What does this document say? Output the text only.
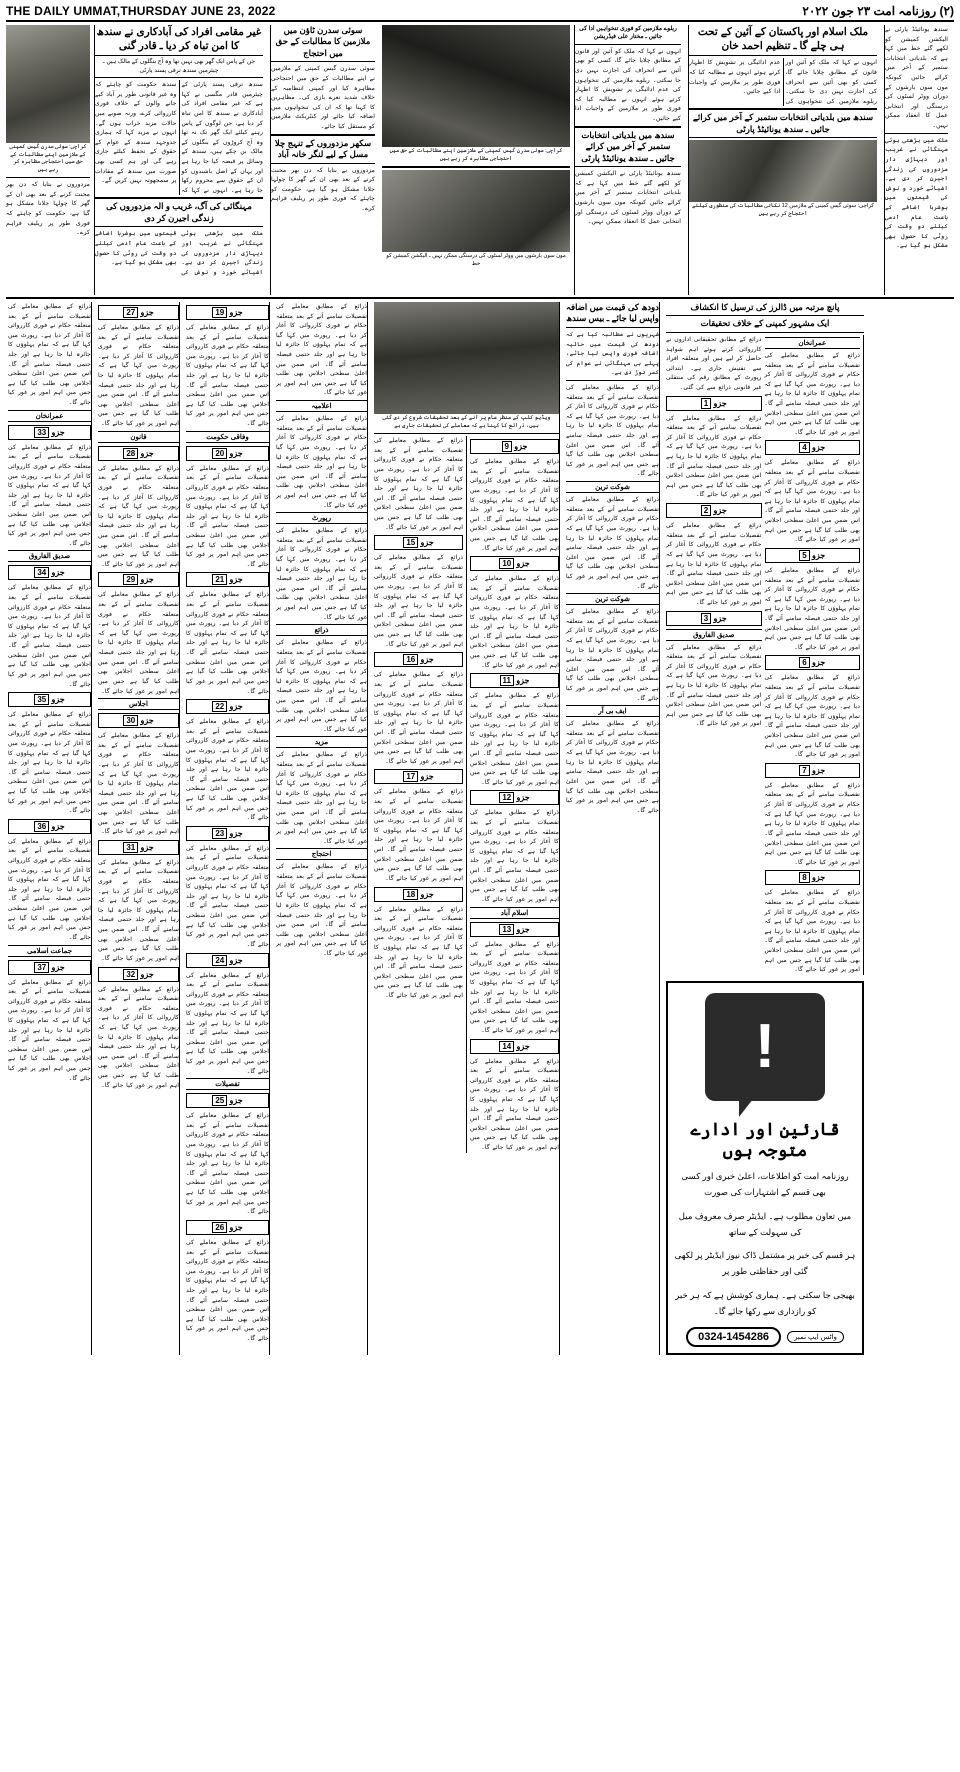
THE DAILY UMMAT,THURSDAY JUNE 23, 2022	(۲) روزنامہ امت ۲۳ جون ۲۰۲۲
کراچی: سوئی سدرن گیس کمپنی کے ملازمین اپنے مطالبات کے حق میں احتجاجی مظاہرہ کر رہے ہیں
مزدوروں نے بتایا کہ دن بھر محنت کرنے کے بعد بھی ان کے گھر کا چولہا جلانا مشکل ہو گیا ہے، حکومت کو چاہئے کہ فوری طور پر ریلیف فراہم کرے۔
غیر مقامی افراد کی آبادکاری نے سندھ کا امن تباہ کر دیا ـ قادر گنی
جن کے پاس ایک گھر بھی نہیں تھا وہ آج بنگلوں کے مالک ہیں ـ چیئرمین سندھ ترقی پسند پارٹی
سندھ ترقی پسند پارٹی کے چیئرمین قادر مگسی نے کہا ہے کہ غیر مقامی افراد کی آبادکاری نے سندھ کا امن تباہ کر دیا ہے، جن لوگوں کے پاس رہنے کیلئے ایک گھر تک نہ تھا وہ آج کروڑوں کے بنگلوں کے مالک بن چکے ہیں، سندھ کے وسائل پر قبضہ کیا جا رہا ہے اور یہاں کے اصل باشندوں کو ان کے حقوق سے محروم رکھا جا رہا ہے۔ انہوں نے کہا کہ سندھ حکومت کو چاہئے کہ وہ غیر قانونی طور پر آباد کیے جانے والوں کے خلاف فوری کارروائی کرے، ورنہ صوبے میں حالات مزید خراب ہوں گے۔ انہوں نے مزید کہا کہ ہماری جدوجہد سندھ کے عوام کے حقوق کے تحفظ کیلئے جاری رہے گی اور ہم کسی بھی صورت میں سندھ کے مفادات پر سمجھوتہ نہیں کریں گے۔
مہنگائی کی آگ، غریب و الہ مزدوروں کی زندگی اجیرن کر دی
ملک میں بڑھتی ہوئی مہنگائی نے غریب اور دیہاڑی دار مزدوروں کی زندگی اجیرن کر دی ہے۔ اشیائے خورد و نوش کی قیمتوں میں ہوشربا اضافے کے باعث عام آدمی کیلئے دو وقت کی روٹی کا حصول بھی مشکل ہو گیا ہے۔
سوئی سدرن ٹاؤن میں ملازمین کا مطالبات کے حق میں احتجاج
سوئی سدرن گیس کمپنی کے ملازمین نے اپنے مطالبات کے حق میں احتجاجی مظاہرہ کیا اور کمپنی انتظامیہ کے خلاف شدید نعرے بازی کی۔ مظاہرین کا کہنا تھا کہ ان کی تنخواہوں میں اضافہ کیا جائے اور کنٹریکٹ ملازمین کو مستقل کیا جائے۔
سکھر مزدوروں کے تنہج چلا مسل کے لیے لنگر خانہ آباد
مزدوروں نے بتایا کہ دن بھر محنت کرنے کے بعد بھی ان کے گھر کا چولہا جلانا مشکل ہو گیا ہے، حکومت کو چاہئے کہ فوری طور پر ریلیف فراہم کرے۔
کراچی: سوئی سدرن گیس کمپنی کے ملازمین اپنے مطالبات کے حق میں احتجاجی مظاہرہ کر رہے ہیں
مون سون بارشوں میں ووٹر لسٹوں کی درستگی ممکن نہیں ـ الیکشن کمیشن کو خط
ریلوے ملازمین کو فوری تنخواہیں ادا کی جائیں ـ مختار علی فیڈریشن
انہوں نے کہا کہ ملک کو آئین اور قانون کے مطابق چلایا جائے گا، کسی کو بھی آئین سے انحراف کی اجازت نہیں دی جا سکتی۔ ریلوے ملازمین کی تنخواہوں کی عدم ادائیگی پر تشویش کا اظہار کرتے ہوئے انہوں نے مطالبہ کیا کہ فوری طور پر ملازمین کے واجبات ادا کیے جائیں۔
سندھ میں بلدیاتی انتخابات ستمبر کے آخر میں کرائے جائیں ـ سندھ یونائیٹڈ پارٹی
سندھ یونائیٹڈ پارٹی نے الیکشن کمیشن کو لکھے گئے خط میں کہا ہے کہ بلدیاتی انتخابات ستمبر کے آخر میں کرائے جائیں کیونکہ مون سون بارشوں کے دوران ووٹر لسٹوں کی درستگی اور انتخابی عمل کا انعقاد ممکن نہیں۔
ملک اسلام اور پاکستان کے آئین کے تحت ہی چلے گا ـ تنظیم احمد خان
انہوں نے کہا کہ ملک کو آئین اور قانون کے مطابق چلایا جائے گا، کسی کو بھی آئین سے انحراف کی اجازت نہیں دی جا سکتی۔ ریلوے ملازمین کی تنخواہوں کی عدم ادائیگی پر تشویش کا اظہار کرتے ہوئے انہوں نے مطالبہ کیا کہ فوری طور پر ملازمین کے واجبات ادا کیے جائیں۔
سندھ میں بلدیاتی انتخابات ستمبر کے آخر میں کرائے جائیں ـ سندھ یونائیٹڈ پارٹی
کراچی: سوئی گیس کمپنی کے ملازمین 12 نکاتی مطالبات کی منظوری کیلئے احتجاج کر رہے ہیں
سندھ یونائیٹڈ پارٹی نے الیکشن کمیشن کو لکھے گئے خط میں کہا ہے کہ بلدیاتی انتخابات ستمبر کے آخر میں کرائے جائیں کیونکہ مون سون بارشوں کے دوران ووٹر لسٹوں کی درستگی اور انتخابی عمل کا انعقاد ممکن نہیں۔
ملک میں بڑھتی ہوئی مہنگائی نے غریب اور دیہاڑی دار مزدوروں کی زندگی اجیرن کر دی ہے۔ اشیائے خورد و نوش کی قیمتوں میں ہوشربا اضافے کے باعث عام آدمی کیلئے دو وقت کی روٹی کا حصول بھی مشکل ہو گیا ہے۔
ذرائع کے مطابق معاملے کی تفصیلات سامنے آنے کے بعد متعلقہ حکام نے فوری کارروائی کا آغاز کر دیا ہے۔ رپورٹ میں کہا گیا ہے کہ تمام پہلوؤں کا جائزہ لیا جا رہا ہے اور جلد حتمی فیصلہ سامنے آئے گا۔ اس ضمن میں اعلیٰ سطحی اجلاس بھی طلب کیا گیا ہے جس میں اہم امور پر غور کیا جائے گا۔
عمرانخان
جزو 33
ذرائع کے مطابق معاملے کی تفصیلات سامنے آنے کے بعد متعلقہ حکام نے فوری کارروائی کا آغاز کر دیا ہے۔ رپورٹ میں کہا گیا ہے کہ تمام پہلوؤں کا جائزہ لیا جا رہا ہے اور جلد حتمی فیصلہ سامنے آئے گا۔ اس ضمن میں اعلیٰ سطحی اجلاس بھی طلب کیا گیا ہے جس میں اہم امور پر غور کیا جائے گا۔
صدیق الفاروق
جزو 34
ذرائع کے مطابق معاملے کی تفصیلات سامنے آنے کے بعد متعلقہ حکام نے فوری کارروائی کا آغاز کر دیا ہے۔ رپورٹ میں کہا گیا ہے کہ تمام پہلوؤں کا جائزہ لیا جا رہا ہے اور جلد حتمی فیصلہ سامنے آئے گا۔ اس ضمن میں اعلیٰ سطحی اجلاس بھی طلب کیا گیا ہے جس میں اہم امور پر غور کیا جائے گا۔
جزو 35
ذرائع کے مطابق معاملے کی تفصیلات سامنے آنے کے بعد متعلقہ حکام نے فوری کارروائی کا آغاز کر دیا ہے۔ رپورٹ میں کہا گیا ہے کہ تمام پہلوؤں کا جائزہ لیا جا رہا ہے اور جلد حتمی فیصلہ سامنے آئے گا۔ اس ضمن میں اعلیٰ سطحی اجلاس بھی طلب کیا گیا ہے جس میں اہم امور پر غور کیا جائے گا۔
جزو 36
ذرائع کے مطابق معاملے کی تفصیلات سامنے آنے کے بعد متعلقہ حکام نے فوری کارروائی کا آغاز کر دیا ہے۔ رپورٹ میں کہا گیا ہے کہ تمام پہلوؤں کا جائزہ لیا جا رہا ہے اور جلد حتمی فیصلہ سامنے آئے گا۔ اس ضمن میں اعلیٰ سطحی اجلاس بھی طلب کیا گیا ہے جس میں اہم امور پر غور کیا جائے گا۔
جماعت اسلامی
جزو 37
ذرائع کے مطابق معاملے کی تفصیلات سامنے آنے کے بعد متعلقہ حکام نے فوری کارروائی کا آغاز کر دیا ہے۔ رپورٹ میں کہا گیا ہے کہ تمام پہلوؤں کا جائزہ لیا جا رہا ہے اور جلد حتمی فیصلہ سامنے آئے گا۔ اس ضمن میں اعلیٰ سطحی اجلاس بھی طلب کیا گیا ہے جس میں اہم امور پر غور کیا جائے گا۔
جزو 27
ذرائع کے مطابق معاملے کی تفصیلات سامنے آنے کے بعد متعلقہ حکام نے فوری کارروائی کا آغاز کر دیا ہے۔ رپورٹ میں کہا گیا ہے کہ تمام پہلوؤں کا جائزہ لیا جا رہا ہے اور جلد حتمی فیصلہ سامنے آئے گا۔ اس ضمن میں اعلیٰ سطحی اجلاس بھی طلب کیا گیا ہے جس میں اہم امور پر غور کیا جائے گا۔
قانون
جزو 28
ذرائع کے مطابق معاملے کی تفصیلات سامنے آنے کے بعد متعلقہ حکام نے فوری کارروائی کا آغاز کر دیا ہے۔ رپورٹ میں کہا گیا ہے کہ تمام پہلوؤں کا جائزہ لیا جا رہا ہے اور جلد حتمی فیصلہ سامنے آئے گا۔ اس ضمن میں اعلیٰ سطحی اجلاس بھی طلب کیا گیا ہے جس میں اہم امور پر غور کیا جائے گا۔
جزو 29
ذرائع کے مطابق معاملے کی تفصیلات سامنے آنے کے بعد متعلقہ حکام نے فوری کارروائی کا آغاز کر دیا ہے۔ رپورٹ میں کہا گیا ہے کہ تمام پہلوؤں کا جائزہ لیا جا رہا ہے اور جلد حتمی فیصلہ سامنے آئے گا۔ اس ضمن میں اعلیٰ سطحی اجلاس بھی طلب کیا گیا ہے جس میں اہم امور پر غور کیا جائے گا۔
اجلاس
جزو 30
ذرائع کے مطابق معاملے کی تفصیلات سامنے آنے کے بعد متعلقہ حکام نے فوری کارروائی کا آغاز کر دیا ہے۔ رپورٹ میں کہا گیا ہے کہ تمام پہلوؤں کا جائزہ لیا جا رہا ہے اور جلد حتمی فیصلہ سامنے آئے گا۔ اس ضمن میں اعلیٰ سطحی اجلاس بھی طلب کیا گیا ہے جس میں اہم امور پر غور کیا جائے گا۔
جزو 31
ذرائع کے مطابق معاملے کی تفصیلات سامنے آنے کے بعد متعلقہ حکام نے فوری کارروائی کا آغاز کر دیا ہے۔ رپورٹ میں کہا گیا ہے کہ تمام پہلوؤں کا جائزہ لیا جا رہا ہے اور جلد حتمی فیصلہ سامنے آئے گا۔ اس ضمن میں اعلیٰ سطحی اجلاس بھی طلب کیا گیا ہے جس میں اہم امور پر غور کیا جائے گا۔
جزو 32
ذرائع کے مطابق معاملے کی تفصیلات سامنے آنے کے بعد متعلقہ حکام نے فوری کارروائی کا آغاز کر دیا ہے۔ رپورٹ میں کہا گیا ہے کہ تمام پہلوؤں کا جائزہ لیا جا رہا ہے اور جلد حتمی فیصلہ سامنے آئے گا۔ اس ضمن میں اعلیٰ سطحی اجلاس بھی طلب کیا گیا ہے جس میں اہم امور پر غور کیا جائے گا۔
جزو 19
ذرائع کے مطابق معاملے کی تفصیلات سامنے آنے کے بعد متعلقہ حکام نے فوری کارروائی کا آغاز کر دیا ہے۔ رپورٹ میں کہا گیا ہے کہ تمام پہلوؤں کا جائزہ لیا جا رہا ہے اور جلد حتمی فیصلہ سامنے آئے گا۔ اس ضمن میں اعلیٰ سطحی اجلاس بھی طلب کیا گیا ہے جس میں اہم امور پر غور کیا جائے گا۔
وفاقی حکومت
جزو 20
ذرائع کے مطابق معاملے کی تفصیلات سامنے آنے کے بعد متعلقہ حکام نے فوری کارروائی کا آغاز کر دیا ہے۔ رپورٹ میں کہا گیا ہے کہ تمام پہلوؤں کا جائزہ لیا جا رہا ہے اور جلد حتمی فیصلہ سامنے آئے گا۔ اس ضمن میں اعلیٰ سطحی اجلاس بھی طلب کیا گیا ہے جس میں اہم امور پر غور کیا جائے گا۔
جزو 21
ذرائع کے مطابق معاملے کی تفصیلات سامنے آنے کے بعد متعلقہ حکام نے فوری کارروائی کا آغاز کر دیا ہے۔ رپورٹ میں کہا گیا ہے کہ تمام پہلوؤں کا جائزہ لیا جا رہا ہے اور جلد حتمی فیصلہ سامنے آئے گا۔ اس ضمن میں اعلیٰ سطحی اجلاس بھی طلب کیا گیا ہے جس میں اہم امور پر غور کیا جائے گا۔
جزو 22
ذرائع کے مطابق معاملے کی تفصیلات سامنے آنے کے بعد متعلقہ حکام نے فوری کارروائی کا آغاز کر دیا ہے۔ رپورٹ میں کہا گیا ہے کہ تمام پہلوؤں کا جائزہ لیا جا رہا ہے اور جلد حتمی فیصلہ سامنے آئے گا۔ اس ضمن میں اعلیٰ سطحی اجلاس بھی طلب کیا گیا ہے جس میں اہم امور پر غور کیا جائے گا۔
جزو 23
ذرائع کے مطابق معاملے کی تفصیلات سامنے آنے کے بعد متعلقہ حکام نے فوری کارروائی کا آغاز کر دیا ہے۔ رپورٹ میں کہا گیا ہے کہ تمام پہلوؤں کا جائزہ لیا جا رہا ہے اور جلد حتمی فیصلہ سامنے آئے گا۔ اس ضمن میں اعلیٰ سطحی اجلاس بھی طلب کیا گیا ہے جس میں اہم امور پر غور کیا جائے گا۔
جزو 24
ذرائع کے مطابق معاملے کی تفصیلات سامنے آنے کے بعد متعلقہ حکام نے فوری کارروائی کا آغاز کر دیا ہے۔ رپورٹ میں کہا گیا ہے کہ تمام پہلوؤں کا جائزہ لیا جا رہا ہے اور جلد حتمی فیصلہ سامنے آئے گا۔ اس ضمن میں اعلیٰ سطحی اجلاس بھی طلب کیا گیا ہے جس میں اہم امور پر غور کیا جائے گا۔
تفصیلات
جزو 25
ذرائع کے مطابق معاملے کی تفصیلات سامنے آنے کے بعد متعلقہ حکام نے فوری کارروائی کا آغاز کر دیا ہے۔ رپورٹ میں کہا گیا ہے کہ تمام پہلوؤں کا جائزہ لیا جا رہا ہے اور جلد حتمی فیصلہ سامنے آئے گا۔ اس ضمن میں اعلیٰ سطحی اجلاس بھی طلب کیا گیا ہے جس میں اہم امور پر غور کیا جائے گا۔
جزو 26
ذرائع کے مطابق معاملے کی تفصیلات سامنے آنے کے بعد متعلقہ حکام نے فوری کارروائی کا آغاز کر دیا ہے۔ رپورٹ میں کہا گیا ہے کہ تمام پہلوؤں کا جائزہ لیا جا رہا ہے اور جلد حتمی فیصلہ سامنے آئے گا۔ اس ضمن میں اعلیٰ سطحی اجلاس بھی طلب کیا گیا ہے جس میں اہم امور پر غور کیا جائے گا۔
ذرائع کے مطابق معاملے کی تفصیلات سامنے آنے کے بعد متعلقہ حکام نے فوری کارروائی کا آغاز کر دیا ہے۔ رپورٹ میں کہا گیا ہے کہ تمام پہلوؤں کا جائزہ لیا جا رہا ہے اور جلد حتمی فیصلہ سامنے آئے گا۔ اس ضمن میں اعلیٰ سطحی اجلاس بھی طلب کیا گیا ہے جس میں اہم امور پر غور کیا جائے گا۔
اعلامیہ
ذرائع کے مطابق معاملے کی تفصیلات سامنے آنے کے بعد متعلقہ حکام نے فوری کارروائی کا آغاز کر دیا ہے۔ رپورٹ میں کہا گیا ہے کہ تمام پہلوؤں کا جائزہ لیا جا رہا ہے اور جلد حتمی فیصلہ سامنے آئے گا۔ اس ضمن میں اعلیٰ سطحی اجلاس بھی طلب کیا گیا ہے جس میں اہم امور پر غور کیا جائے گا۔
رپورٹ
ذرائع کے مطابق معاملے کی تفصیلات سامنے آنے کے بعد متعلقہ حکام نے فوری کارروائی کا آغاز کر دیا ہے۔ رپورٹ میں کہا گیا ہے کہ تمام پہلوؤں کا جائزہ لیا جا رہا ہے اور جلد حتمی فیصلہ سامنے آئے گا۔ اس ضمن میں اعلیٰ سطحی اجلاس بھی طلب کیا گیا ہے جس میں اہم امور پر غور کیا جائے گا۔
ذرائع
ذرائع کے مطابق معاملے کی تفصیلات سامنے آنے کے بعد متعلقہ حکام نے فوری کارروائی کا آغاز کر دیا ہے۔ رپورٹ میں کہا گیا ہے کہ تمام پہلوؤں کا جائزہ لیا جا رہا ہے اور جلد حتمی فیصلہ سامنے آئے گا۔ اس ضمن میں اعلیٰ سطحی اجلاس بھی طلب کیا گیا ہے جس میں اہم امور پر غور کیا جائے گا۔
مزید
ذرائع کے مطابق معاملے کی تفصیلات سامنے آنے کے بعد متعلقہ حکام نے فوری کارروائی کا آغاز کر دیا ہے۔ رپورٹ میں کہا گیا ہے کہ تمام پہلوؤں کا جائزہ لیا جا رہا ہے اور جلد حتمی فیصلہ سامنے آئے گا۔ اس ضمن میں اعلیٰ سطحی اجلاس بھی طلب کیا گیا ہے جس میں اہم امور پر غور کیا جائے گا۔
احتجاج
ذرائع کے مطابق معاملے کی تفصیلات سامنے آنے کے بعد متعلقہ حکام نے فوری کارروائی کا آغاز کر دیا ہے۔ رپورٹ میں کہا گیا ہے کہ تمام پہلوؤں کا جائزہ لیا جا رہا ہے اور جلد حتمی فیصلہ سامنے آئے گا۔ اس ضمن میں اعلیٰ سطحی اجلاس بھی طلب کیا گیا ہے جس میں اہم امور پر غور کیا جائے گا۔
ویڈیو کلپ کے منظر عام پر آنے کے بعد تحقیقات شروع کر دی گئی ہیں، ذرائع کا کہنا ہے کہ معاملے کی تحقیقات جاری ہے
ذرائع کے مطابق معاملے کی تفصیلات سامنے آنے کے بعد متعلقہ حکام نے فوری کارروائی کا آغاز کر دیا ہے۔ رپورٹ میں کہا گیا ہے کہ تمام پہلوؤں کا جائزہ لیا جا رہا ہے اور جلد حتمی فیصلہ سامنے آئے گا۔ اس ضمن میں اعلیٰ سطحی اجلاس بھی طلب کیا گیا ہے جس میں اہم امور پر غور کیا جائے گا۔
جزو 15
ذرائع کے مطابق معاملے کی تفصیلات سامنے آنے کے بعد متعلقہ حکام نے فوری کارروائی کا آغاز کر دیا ہے۔ رپورٹ میں کہا گیا ہے کہ تمام پہلوؤں کا جائزہ لیا جا رہا ہے اور جلد حتمی فیصلہ سامنے آئے گا۔ اس ضمن میں اعلیٰ سطحی اجلاس بھی طلب کیا گیا ہے جس میں اہم امور پر غور کیا جائے گا۔
جزو 16
ذرائع کے مطابق معاملے کی تفصیلات سامنے آنے کے بعد متعلقہ حکام نے فوری کارروائی کا آغاز کر دیا ہے۔ رپورٹ میں کہا گیا ہے کہ تمام پہلوؤں کا جائزہ لیا جا رہا ہے اور جلد حتمی فیصلہ سامنے آئے گا۔ اس ضمن میں اعلیٰ سطحی اجلاس بھی طلب کیا گیا ہے جس میں اہم امور پر غور کیا جائے گا۔
جزو 17
ذرائع کے مطابق معاملے کی تفصیلات سامنے آنے کے بعد متعلقہ حکام نے فوری کارروائی کا آغاز کر دیا ہے۔ رپورٹ میں کہا گیا ہے کہ تمام پہلوؤں کا جائزہ لیا جا رہا ہے اور جلد حتمی فیصلہ سامنے آئے گا۔ اس ضمن میں اعلیٰ سطحی اجلاس بھی طلب کیا گیا ہے جس میں اہم امور پر غور کیا جائے گا۔
جزو 18
ذرائع کے مطابق معاملے کی تفصیلات سامنے آنے کے بعد متعلقہ حکام نے فوری کارروائی کا آغاز کر دیا ہے۔ رپورٹ میں کہا گیا ہے کہ تمام پہلوؤں کا جائزہ لیا جا رہا ہے اور جلد حتمی فیصلہ سامنے آئے گا۔ اس ضمن میں اعلیٰ سطحی اجلاس بھی طلب کیا گیا ہے جس میں اہم امور پر غور کیا جائے گا۔
جزو 9
ذرائع کے مطابق معاملے کی تفصیلات سامنے آنے کے بعد متعلقہ حکام نے فوری کارروائی کا آغاز کر دیا ہے۔ رپورٹ میں کہا گیا ہے کہ تمام پہلوؤں کا جائزہ لیا جا رہا ہے اور جلد حتمی فیصلہ سامنے آئے گا۔ اس ضمن میں اعلیٰ سطحی اجلاس بھی طلب کیا گیا ہے جس میں اہم امور پر غور کیا جائے گا۔
جزو 10
ذرائع کے مطابق معاملے کی تفصیلات سامنے آنے کے بعد متعلقہ حکام نے فوری کارروائی کا آغاز کر دیا ہے۔ رپورٹ میں کہا گیا ہے کہ تمام پہلوؤں کا جائزہ لیا جا رہا ہے اور جلد حتمی فیصلہ سامنے آئے گا۔ اس ضمن میں اعلیٰ سطحی اجلاس بھی طلب کیا گیا ہے جس میں اہم امور پر غور کیا جائے گا۔
جزو 11
ذرائع کے مطابق معاملے کی تفصیلات سامنے آنے کے بعد متعلقہ حکام نے فوری کارروائی کا آغاز کر دیا ہے۔ رپورٹ میں کہا گیا ہے کہ تمام پہلوؤں کا جائزہ لیا جا رہا ہے اور جلد حتمی فیصلہ سامنے آئے گا۔ اس ضمن میں اعلیٰ سطحی اجلاس بھی طلب کیا گیا ہے جس میں اہم امور پر غور کیا جائے گا۔
جزو 12
ذرائع کے مطابق معاملے کی تفصیلات سامنے آنے کے بعد متعلقہ حکام نے فوری کارروائی کا آغاز کر دیا ہے۔ رپورٹ میں کہا گیا ہے کہ تمام پہلوؤں کا جائزہ لیا جا رہا ہے اور جلد حتمی فیصلہ سامنے آئے گا۔ اس ضمن میں اعلیٰ سطحی اجلاس بھی طلب کیا گیا ہے جس میں اہم امور پر غور کیا جائے گا۔
اسلام آباد
جزو 13
ذرائع کے مطابق معاملے کی تفصیلات سامنے آنے کے بعد متعلقہ حکام نے فوری کارروائی کا آغاز کر دیا ہے۔ رپورٹ میں کہا گیا ہے کہ تمام پہلوؤں کا جائزہ لیا جا رہا ہے اور جلد حتمی فیصلہ سامنے آئے گا۔ اس ضمن میں اعلیٰ سطحی اجلاس بھی طلب کیا گیا ہے جس میں اہم امور پر غور کیا جائے گا۔
جزو 14
ذرائع کے مطابق معاملے کی تفصیلات سامنے آنے کے بعد متعلقہ حکام نے فوری کارروائی کا آغاز کر دیا ہے۔ رپورٹ میں کہا گیا ہے کہ تمام پہلوؤں کا جائزہ لیا جا رہا ہے اور جلد حتمی فیصلہ سامنے آئے گا۔ اس ضمن میں اعلیٰ سطحی اجلاس بھی طلب کیا گیا ہے جس میں اہم امور پر غور کیا جائے گا۔
دودھ کی قیمت میں اضافہ واپس لیا جائے ـ بیس سندھ
شہریوں نے مطالبہ کیا ہے کہ دودھ کی قیمت میں حالیہ اضافہ فوری واپس لیا جائے، پہلے ہی مہنگائی نے عوام کی کمر توڑ دی ہے۔
ذرائع کے مطابق معاملے کی تفصیلات سامنے آنے کے بعد متعلقہ حکام نے فوری کارروائی کا آغاز کر دیا ہے۔ رپورٹ میں کہا گیا ہے کہ تمام پہلوؤں کا جائزہ لیا جا رہا ہے اور جلد حتمی فیصلہ سامنے آئے گا۔ اس ضمن میں اعلیٰ سطحی اجلاس بھی طلب کیا گیا ہے جس میں اہم امور پر غور کیا جائے گا۔
شوکت ترین
ذرائع کے مطابق معاملے کی تفصیلات سامنے آنے کے بعد متعلقہ حکام نے فوری کارروائی کا آغاز کر دیا ہے۔ رپورٹ میں کہا گیا ہے کہ تمام پہلوؤں کا جائزہ لیا جا رہا ہے اور جلد حتمی فیصلہ سامنے آئے گا۔ اس ضمن میں اعلیٰ سطحی اجلاس بھی طلب کیا گیا ہے جس میں اہم امور پر غور کیا جائے گا۔
شوکت ترین
ذرائع کے مطابق معاملے کی تفصیلات سامنے آنے کے بعد متعلقہ حکام نے فوری کارروائی کا آغاز کر دیا ہے۔ رپورٹ میں کہا گیا ہے کہ تمام پہلوؤں کا جائزہ لیا جا رہا ہے اور جلد حتمی فیصلہ سامنے آئے گا۔ اس ضمن میں اعلیٰ سطحی اجلاس بھی طلب کیا گیا ہے جس میں اہم امور پر غور کیا جائے گا۔
ایف بی آر
ذرائع کے مطابق معاملے کی تفصیلات سامنے آنے کے بعد متعلقہ حکام نے فوری کارروائی کا آغاز کر دیا ہے۔ رپورٹ میں کہا گیا ہے کہ تمام پہلوؤں کا جائزہ لیا جا رہا ہے اور جلد حتمی فیصلہ سامنے آئے گا۔ اس ضمن میں اعلیٰ سطحی اجلاس بھی طلب کیا گیا ہے جس میں اہم امور پر غور کیا جائے گا۔
پانچ مرتبہ میں ڈالرز کی ترسیل کا انکشاف
ایک مشہور کمپنی کے خلاف تحقیقات
ذرائع کے مطابق تحقیقاتی اداروں نے کارروائی کرتے ہوئے اہم شواہد حاصل کر لیے ہیں اور متعلقہ افراد سے تفتیش جاری ہے۔ ابتدائی رپورٹ کے مطابق رقم کی منتقلی غیر قانونی ذرائع سے کی گئی۔
جزو 1
ذرائع کے مطابق معاملے کی تفصیلات سامنے آنے کے بعد متعلقہ حکام نے فوری کارروائی کا آغاز کر دیا ہے۔ رپورٹ میں کہا گیا ہے کہ تمام پہلوؤں کا جائزہ لیا جا رہا ہے اور جلد حتمی فیصلہ سامنے آئے گا۔ اس ضمن میں اعلیٰ سطحی اجلاس بھی طلب کیا گیا ہے جس میں اہم امور پر غور کیا جائے گا۔
جزو 2
ذرائع کے مطابق معاملے کی تفصیلات سامنے آنے کے بعد متعلقہ حکام نے فوری کارروائی کا آغاز کر دیا ہے۔ رپورٹ میں کہا گیا ہے کہ تمام پہلوؤں کا جائزہ لیا جا رہا ہے اور جلد حتمی فیصلہ سامنے آئے گا۔ اس ضمن میں اعلیٰ سطحی اجلاس بھی طلب کیا گیا ہے جس میں اہم امور پر غور کیا جائے گا۔
جزو 3
صدیق الفاروق
ذرائع کے مطابق معاملے کی تفصیلات سامنے آنے کے بعد متعلقہ حکام نے فوری کارروائی کا آغاز کر دیا ہے۔ رپورٹ میں کہا گیا ہے کہ تمام پہلوؤں کا جائزہ لیا جا رہا ہے اور جلد حتمی فیصلہ سامنے آئے گا۔ اس ضمن میں اعلیٰ سطحی اجلاس بھی طلب کیا گیا ہے جس میں اہم امور پر غور کیا جائے گا۔
عمرانخان
ذرائع کے مطابق معاملے کی تفصیلات سامنے آنے کے بعد متعلقہ حکام نے فوری کارروائی کا آغاز کر دیا ہے۔ رپورٹ میں کہا گیا ہے کہ تمام پہلوؤں کا جائزہ لیا جا رہا ہے اور جلد حتمی فیصلہ سامنے آئے گا۔ اس ضمن میں اعلیٰ سطحی اجلاس بھی طلب کیا گیا ہے جس میں اہم امور پر غور کیا جائے گا۔
جزو 4
ذرائع کے مطابق معاملے کی تفصیلات سامنے آنے کے بعد متعلقہ حکام نے فوری کارروائی کا آغاز کر دیا ہے۔ رپورٹ میں کہا گیا ہے کہ تمام پہلوؤں کا جائزہ لیا جا رہا ہے اور جلد حتمی فیصلہ سامنے آئے گا۔ اس ضمن میں اعلیٰ سطحی اجلاس بھی طلب کیا گیا ہے جس میں اہم امور پر غور کیا جائے گا۔
جزو 5
ذرائع کے مطابق معاملے کی تفصیلات سامنے آنے کے بعد متعلقہ حکام نے فوری کارروائی کا آغاز کر دیا ہے۔ رپورٹ میں کہا گیا ہے کہ تمام پہلوؤں کا جائزہ لیا جا رہا ہے اور جلد حتمی فیصلہ سامنے آئے گا۔ اس ضمن میں اعلیٰ سطحی اجلاس بھی طلب کیا گیا ہے جس میں اہم امور پر غور کیا جائے گا۔
جزو 6
ذرائع کے مطابق معاملے کی تفصیلات سامنے آنے کے بعد متعلقہ حکام نے فوری کارروائی کا آغاز کر دیا ہے۔ رپورٹ میں کہا گیا ہے کہ تمام پہلوؤں کا جائزہ لیا جا رہا ہے اور جلد حتمی فیصلہ سامنے آئے گا۔ اس ضمن میں اعلیٰ سطحی اجلاس بھی طلب کیا گیا ہے جس میں اہم امور پر غور کیا جائے گا۔
جزو 7
ذرائع کے مطابق معاملے کی تفصیلات سامنے آنے کے بعد متعلقہ حکام نے فوری کارروائی کا آغاز کر دیا ہے۔ رپورٹ میں کہا گیا ہے کہ تمام پہلوؤں کا جائزہ لیا جا رہا ہے اور جلد حتمی فیصلہ سامنے آئے گا۔ اس ضمن میں اعلیٰ سطحی اجلاس بھی طلب کیا گیا ہے جس میں اہم امور پر غور کیا جائے گا۔
جزو 8
ذرائع کے مطابق معاملے کی تفصیلات سامنے آنے کے بعد متعلقہ حکام نے فوری کارروائی کا آغاز کر دیا ہے۔ رپورٹ میں کہا گیا ہے کہ تمام پہلوؤں کا جائزہ لیا جا رہا ہے اور جلد حتمی فیصلہ سامنے آئے گا۔ اس ضمن میں اعلیٰ سطحی اجلاس بھی طلب کیا گیا ہے جس میں اہم امور پر غور کیا جائے گا۔
!
قارئین اور ادارے متوجہ ہوں
روزنامہ امت کو اطلاعات، اعلیٰ خبری اور کسی بھی قسم کے اشتہارات کی صورت
میں تعاون مطلوب ہے۔ ایڈیٹر صرف معروف میل کی سہولت کے ساتھ
ہر قسم کی خبر پر مشتمل ڈاک نیوز ایڈیٹر پر لکھی گئی اور حفاظتی طور پر
بھیجی جا سکتی ہے۔ ہماری کوشش ہے کہ ہر خبر کو رازداری سے رکھا جائے گا۔
0324-1454286	واٹس ایپ نمبر
